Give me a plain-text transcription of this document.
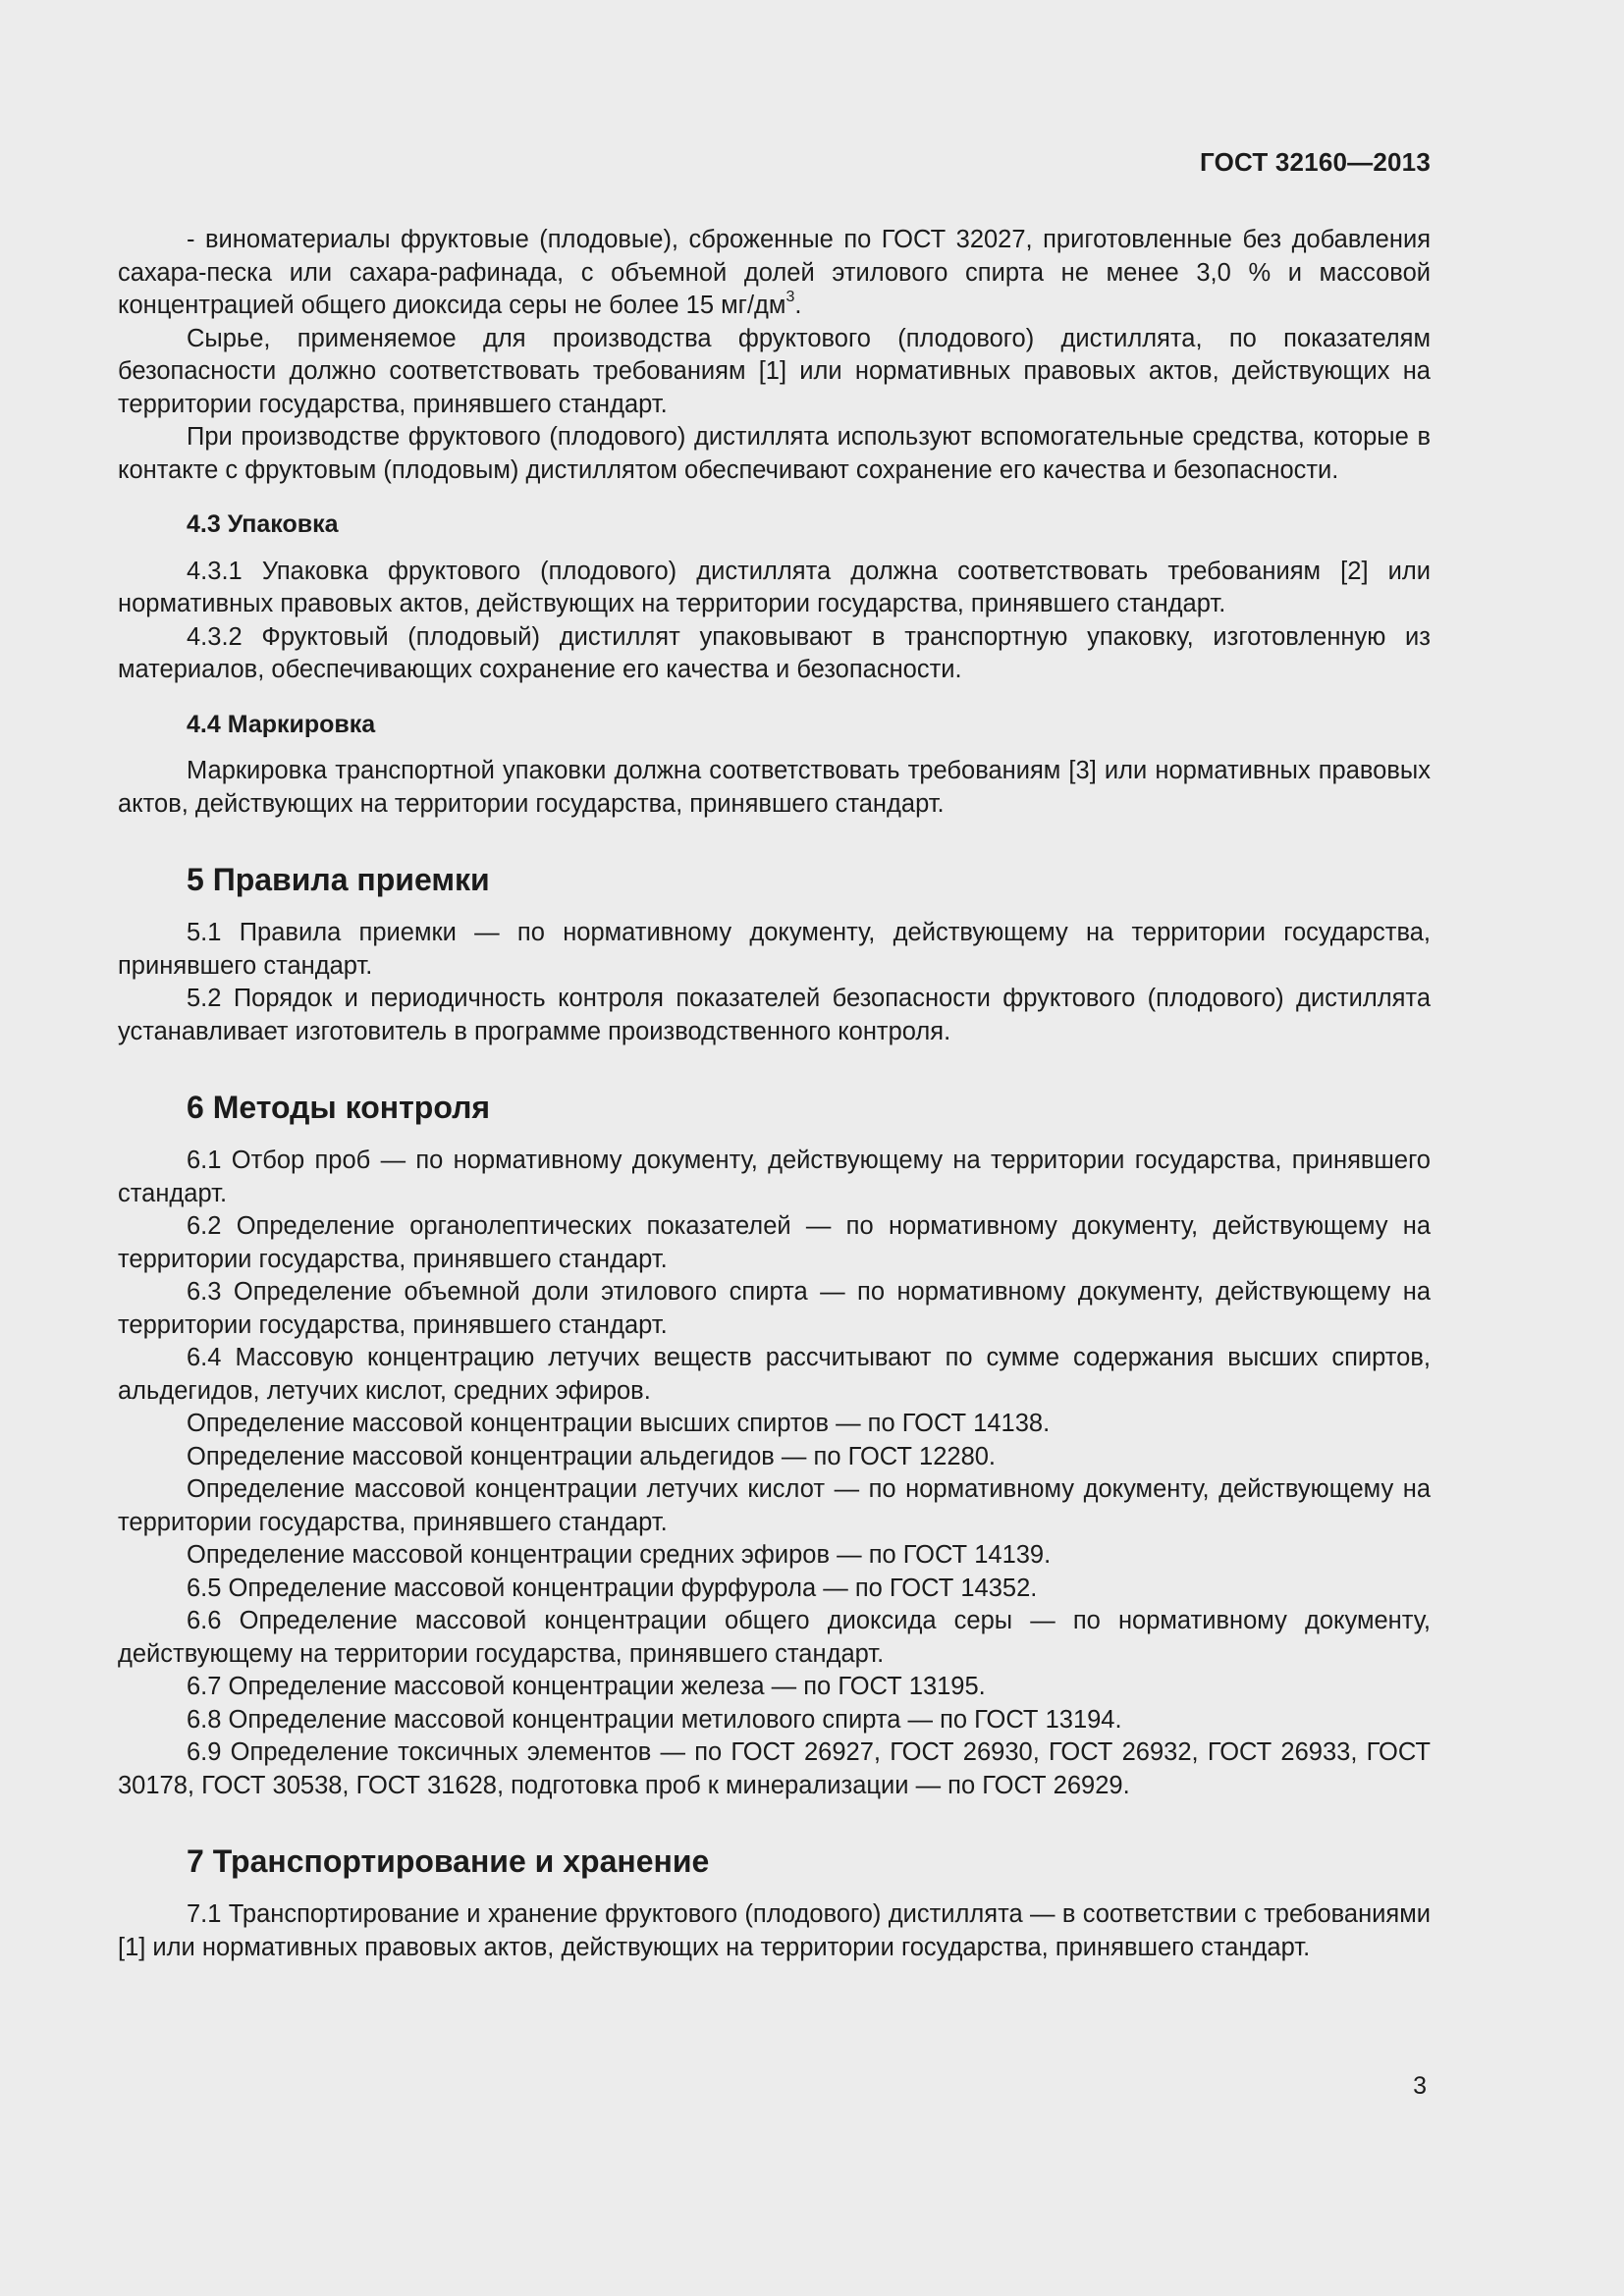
ГОСТ 32160—2013

- виноматериалы фруктовые (плодовые), сброженные по ГОСТ 32027, приготовленные без добавления сахара-песка или сахара-рафинада, с объемной долей этилового спирта не менее 3,0 % и массовой концентрацией общего диоксида серы не более 15 $мг/дм^3$.

Сырье, применяемое для производства фруктового (плодового) дистиллята, по показателям безопасности должно соответствовать требованиям [1] или нормативных правовых актов, действующих на территории государства, принявшего стандарт.

При производстве фруктового (плодового) дистиллята используют вспомогательные средства, которые в контакте с фруктовым (плодовым) дистиллятом обеспечивают сохранение его качества и безопасности.

4.3 Упаковка

4.3.1 Упаковка фруктового (плодового) дистиллята должна соответствовать требованиям [2] или нормативных правовых актов, действующих на территории государства, принявшего стандарт.

4.3.2 Фруктовый (плодовый) дистиллят упаковывают в транспортную упаковку, изготовленную из материалов, обеспечивающих сохранение его качества и безопасности.

4.4 Маркировка

Маркировка транспортной упаковки должна соответствовать требованиям [3] или нормативных правовых актов, действующих на территории государства, принявшего стандарт.

5 Правила приемки

5.1 Правила приемки — по нормативному документу, действующему на территории государства, принявшего стандарт.

5.2 Порядок и периодичность контроля показателей безопасности фруктового (плодового) дистиллята устанавливает изготовитель в программе производственного контроля.

6 Методы контроля

6.1 Отбор проб — по нормативному документу, действующему на территории государства, принявшего стандарт.

6.2 Определение органолептических показателей — по нормативному документу, действующему на территории государства, принявшего стандарт.

6.3 Определение объемной доли этилового спирта — по нормативному документу, действующему на территории государства, принявшего стандарт.

6.4 Массовую концентрацию летучих веществ рассчитывают по сумме содержания высших спиртов, альдегидов, летучих кислот, средних эфиров.

Определение массовой концентрации высших спиртов — по ГОСТ 14138.

Определение массовой концентрации альдегидов — по ГОСТ 12280.

Определение массовой концентрации летучих кислот — по нормативному документу, действующему на территории государства, принявшего стандарт.

Определение массовой концентрации средних эфиров — по ГОСТ 14139.

6.5 Определение массовой концентрации фурфурола — по ГОСТ 14352.

6.6 Определение массовой концентрации общего диоксида серы — по нормативному документу, действующему на территории государства, принявшего стандарт.

6.7 Определение массовой концентрации железа — по ГОСТ 13195.

6.8 Определение массовой концентрации метилового спирта — по ГОСТ 13194.

6.9 Определение токсичных элементов — по ГОСТ 26927, ГОСТ 26930, ГОСТ 26932, ГОСТ 26933, ГОСТ 30178, ГОСТ 30538, ГОСТ 31628, подготовка проб к минерализации — по ГОСТ 26929.

7 Транспортирование и хранение

7.1 Транспортирование и хранение фруктового (плодового) дистиллята — в соответствии с требованиями [1] или нормативных правовых актов, действующих на территории государства, принявшего стандарт.

3
